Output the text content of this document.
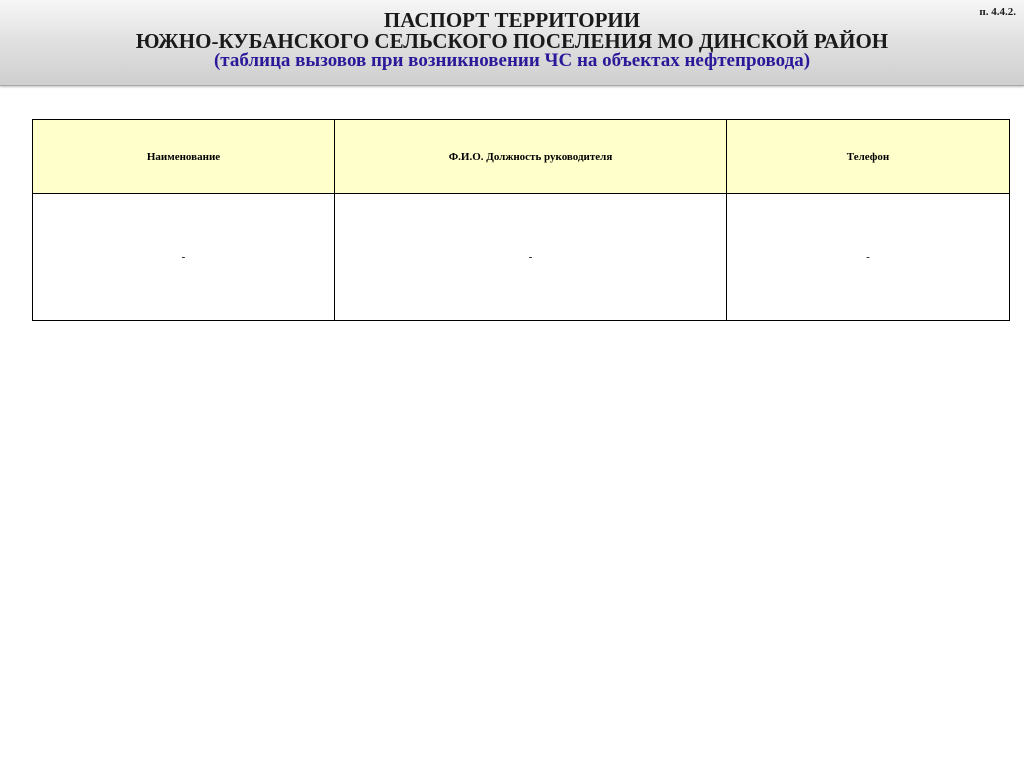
ПАСПОРТ ТЕРРИТОРИИ
ЮЖНО-КУБАНСКОГО СЕЛЬСКОГО ПОСЕЛЕНИЯ МО ДИНСКОЙ РАЙОН
(таблица вызовов при возникновении ЧС на объектах нефтепровода)
п. 4.4.2.
Наименование	Ф.И.О. Должность руководителя	Телефон
-	-	-
